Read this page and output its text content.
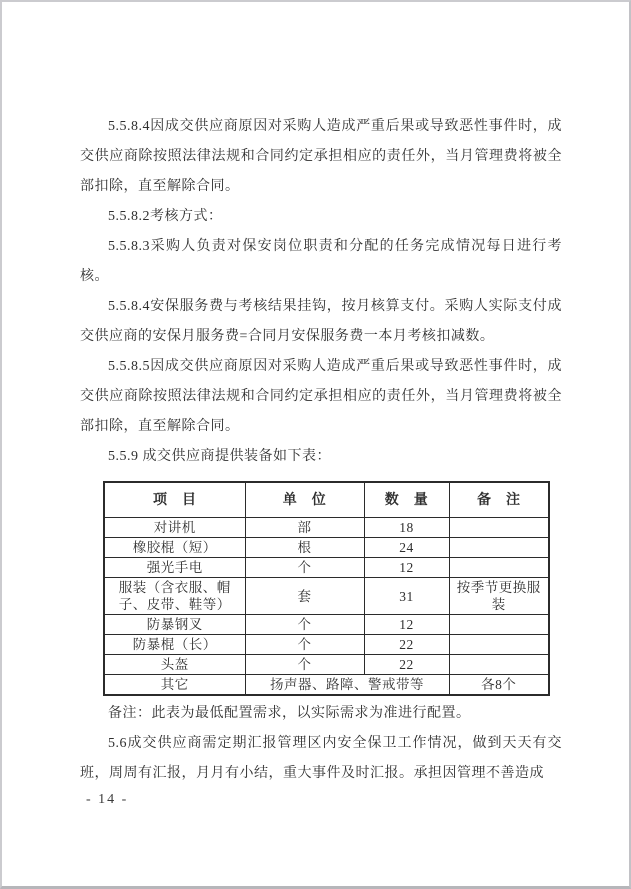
5.5.8.4因成交供应商原因对采购人造成严重后果或导致恶性事件时，成交供应商除按照法律法规和合同约定承担相应的责任外，当月管理费将被全部扣除，直至解除合同。

5.5.8.2考核方式：

5.5.8.3采购人负责对保安岗位职责和分配的任务完成情况每日进行考核。

5.5.8.4安保服务费与考核结果挂钩，按月核算支付。采购人实际支付成交供应商的安保月服务费=合同月安保服务费一本月考核扣减数。

5.5.8.5因成交供应商原因对采购人造成严重后果或导致恶性事件时，成交供应商除按照法律法规和合同约定承担相应的责任外，当月管理费将被全部扣除，直至解除合同。

5.5.9 成交供应商提供装备如下表：

项　目	单　位	数　量	备　注
对讲机	部	18	
橡胶棍（短）	根	24	
强光手电	个	12	
服装（含衣服、帽子、皮带、鞋等）	套	31	按季节更换服装
防暴钢叉	个	12	
防暴棍（长）	个	22	
头盔	个	22	
其它	扬声器、路障、警戒带等		各8个

备注：此表为最低配置需求，以实际需求为准进行配置。

5.6成交供应商需定期汇报管理区内安全保卫工作情况，做到天天有交班，周周有汇报，月月有小结，重大事件及时汇报。承担因管理不善造成

- 14 -
